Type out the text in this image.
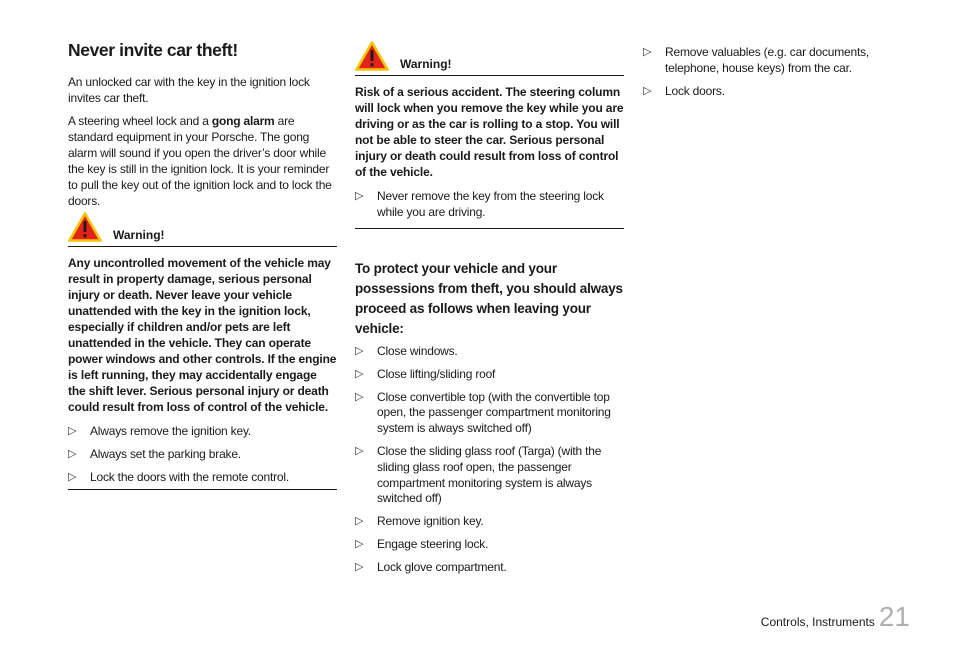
Never invite car theft!

An unlocked car with the key in the ignition lock invites car theft.

A steering wheel lock and a gong alarm are standard equipment in your Porsche. The gong alarm will sound if you open the driver’s door while the key is still in the ignition lock. It is your reminder to pull the key out of the ignition lock and to lock the doors.

Warning!

Any uncontrolled movement of the vehicle may result in property damage, serious personal injury or death. Never leave your vehicle unattended with the key in the ignition lock, especially if children and/or pets are left unattended in the vehicle. They can operate power windows and other controls. If the engine is left running, they may accidentally engage the shift lever. Serious personal injury or death could result from loss of control of the vehicle.

▷	Always remove the ignition key.
▷	Always set the parking brake.
▷	Lock the doors with the remote control.
Warning!

Risk of a serious accident. The steering column will lock when you remove the key while you are driving or as the car is rolling to a stop. You will not be able to steer the car. Serious personal injury or death could result from loss of control of the vehicle.

▷	Never remove the key from the steering lock while you are driving.
To protect your vehicle and your possessions from theft, you should always proceed as follows when leaving your vehicle:
▷	Close windows.
▷	Close lifting/sliding roof
▷	Close convertible top (with the convertible top open, the passenger compartment monitoring system is always switched off)
▷	Close the sliding glass roof (Targa) (with the sliding glass roof open, the passenger compartment monitoring system is always switched off)
▷	Remove ignition key.
▷	Engage steering lock.
▷	Lock glove compartment.
▷	Remove valuables (e.g. car documents, telephone, house keys) from the car.
▷	Lock doors.
Controls, Instruments 21
